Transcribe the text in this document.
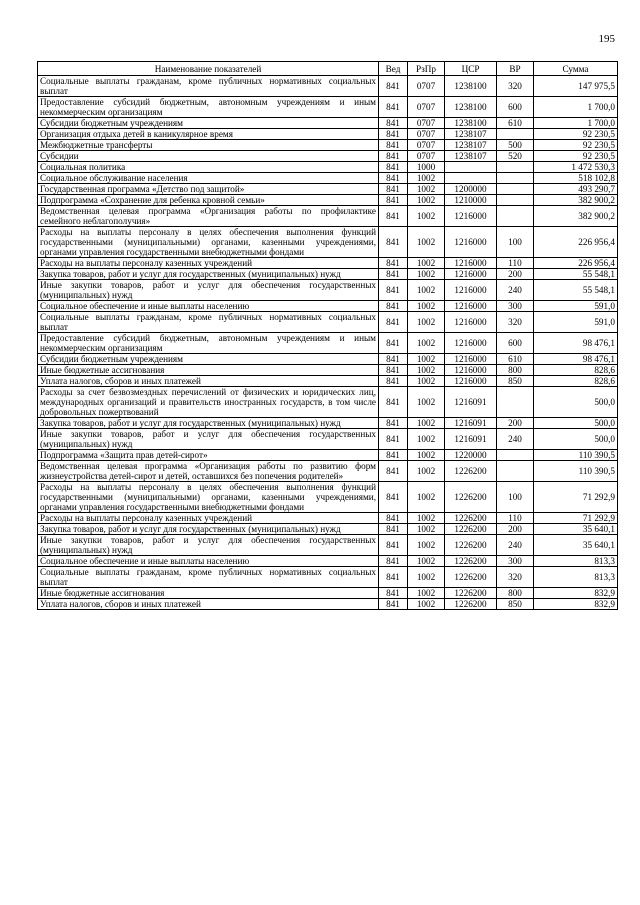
195
Наименование показателей	Вед	РзПр	ЦСР	ВР	Сумма
Социальные выплаты гражданам, кроме публичных нормативных социальных выплат	841	0707	1238100	320	147 975,5
Предоставление субсидий бюджетным, автономным учреждениям и иным некоммерческим организациям	841	0707	1238100	600	1 700,0
Субсидии бюджетным учреждениям	841	0707	1238100	610	1 700,0
Организация отдыха детей в каникулярное время	841	0707	1238107		92 230,5
Межбюджетные трансферты	841	0707	1238107	500	92 230,5
Субсидии	841	0707	1238107	520	92 230,5
Социальная политика	841	1000			1 472 530,3
Социальное обслуживание населения	841	1002			518 102,8
Государственная программа «Детство под защитой»	841	1002	1200000		493 290,7
Подпрограмма «Сохранение для ребенка кровной семьи»	841	1002	1210000		382 900,2
Ведомственная целевая программа «Организация работы по профилактике семейного неблагополучия»	841	1002	1216000		382 900,2
Расходы на выплаты персоналу в целях обеспечения выполнения функций государственными (муниципальными) органами, казенными учреждениями, органами управления государственными внебюджетными фондами	841	1002	1216000	100	226 956,4
Расходы на выплаты персоналу казенных учреждений	841	1002	1216000	110	226 956,4
Закупка товаров, работ и услуг для государственных (муниципальных) нужд	841	1002	1216000	200	55 548,1
Иные закупки товаров, работ и услуг для обеспечения государственных (муниципальных) нужд	841	1002	1216000	240	55 548,1
Социальное обеспечение и иные выплаты населению	841	1002	1216000	300	591,0
Социальные выплаты гражданам, кроме публичных нормативных социальных выплат	841	1002	1216000	320	591,0
Предоставление субсидий бюджетным, автономным учреждениям и иным некоммерческим организациям	841	1002	1216000	600	98 476,1
Субсидии бюджетным учреждениям	841	1002	1216000	610	98 476,1
Иные бюджетные ассигнования	841	1002	1216000	800	828,6
Уплата налогов, сборов и иных платежей	841	1002	1216000	850	828,6
Расходы за счет безвозмездных перечислений от физических и юридических лиц, международных организаций и правительств иностранных государств, в том числе добровольных пожертвований	841	1002	1216091		500,0
Закупка товаров, работ и услуг для государственных (муниципальных) нужд	841	1002	1216091	200	500,0
Иные закупки товаров, работ и услуг для обеспечения государственных (муниципальных) нужд	841	1002	1216091	240	500,0
Подпрограмма «Защита прав детей-сирот»	841	1002	1220000		110 390,5
Ведомственная целевая программа «Организация работы по развитию форм жизнеустройства детей-сирот и детей, оставшихся без попечения родителей»	841	1002	1226200		110 390,5
Расходы на выплаты персоналу в целях обеспечения выполнения функций государственными (муниципальными) органами, казенными учреждениями, органами управления государственными внебюджетными фондами	841	1002	1226200	100	71 292,9
Расходы на выплаты персоналу казенных учреждений	841	1002	1226200	110	71 292,9
Закупка товаров, работ и услуг для государственных (муниципальных) нужд	841	1002	1226200	200	35 640,1
Иные закупки товаров, работ и услуг для обеспечения государственных (муниципальных) нужд	841	1002	1226200	240	35 640,1
Социальное обеспечение и иные выплаты населению	841	1002	1226200	300	813,3
Социальные выплаты гражданам, кроме публичных нормативных социальных выплат	841	1002	1226200	320	813,3
Иные бюджетные ассигнования	841	1002	1226200	800	832,9
Уплата налогов, сборов и иных платежей	841	1002	1226200	850	832,9
